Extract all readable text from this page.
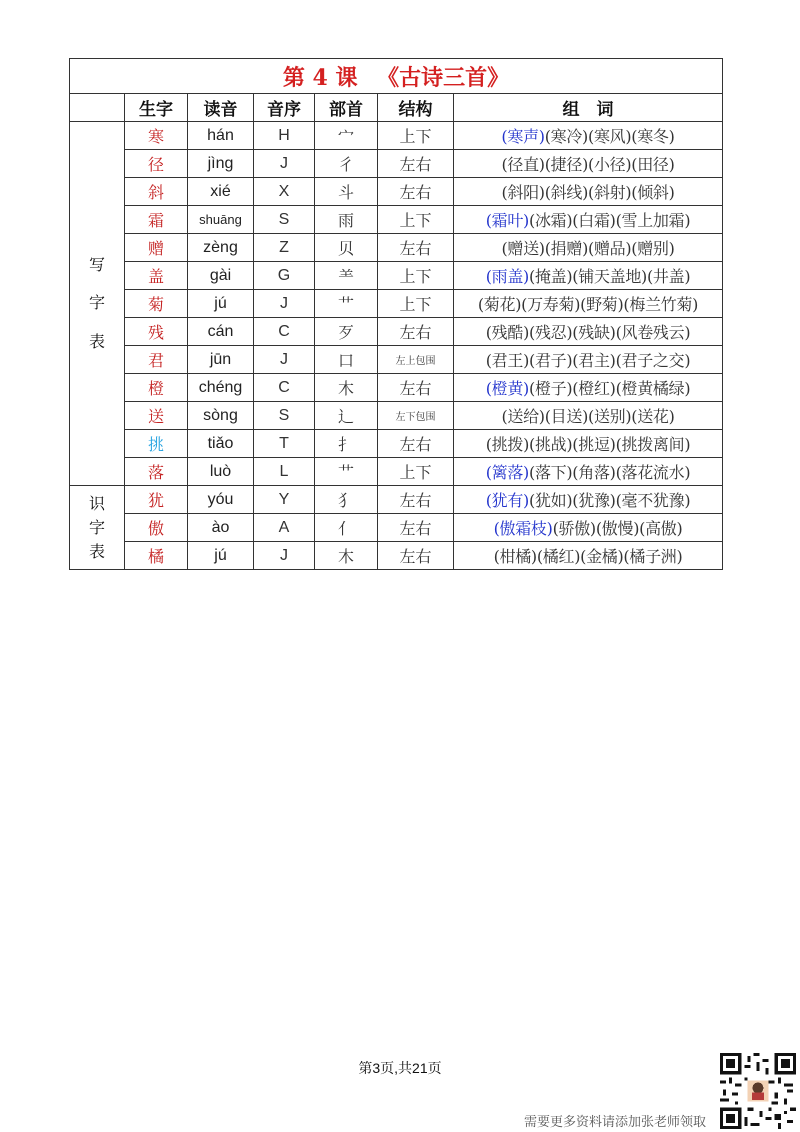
第 4 课 《古诗三首》						
	生字	读音	音序	部首	结构	组　词
写字表	寒	hán	H	宀	上下	(寒声)(寒冷)(寒风)(寒冬)
	径	jìng	J	彳	左右	(径直)(捷径)(小径)(田径)
	斜	xié	X	斗	左右	(斜阳)(斜线)(斜射)(倾斜)
	霜	shuāng	S	雨	上下	(霜叶)(冰霜)(白霜)(雪上加霜)
	赠	zèng	Z	贝	左右	(赠送)(捐赠)(赠品)(赠别)
	盖	gài	G	⺷	上下	(雨盖)(掩盖)(铺天盖地)(井盖)
	菊	jú	J	艹	上下	(菊花)(万寿菊)(野菊)(梅兰竹菊)
	残	cán	C	歹	左右	(残酷)(残忍)(残缺)(风卷残云)
	君	jūn	J	口	左上包围	(君王)(君子)(君主)(君子之交)
	橙	chéng	C	木	左右	(橙黄)(橙子)(橙红)(橙黄橘绿)
	送	sòng	S	辶	左下包围	(送给)(目送)(送别)(送花)
	挑	tiǎo	T	扌	左右	(挑拨)(挑战)(挑逗)(挑拨离间)
	落	luò	L	艹	上下	(篱落)(落下)(角落)(落花流水)
识字表	犹	yóu	Y	犭	左右	(犹有)(犹如)(犹豫)(毫不犹豫)
	傲	ào	A	亻	左右	(傲霜枝)(骄傲)(傲慢)(高傲)
	橘	jú	J	木	左右	(柑橘)(橘红)(金橘)(橘子洲)
第3页,共21页
需要更多资料请添加张老师领取
